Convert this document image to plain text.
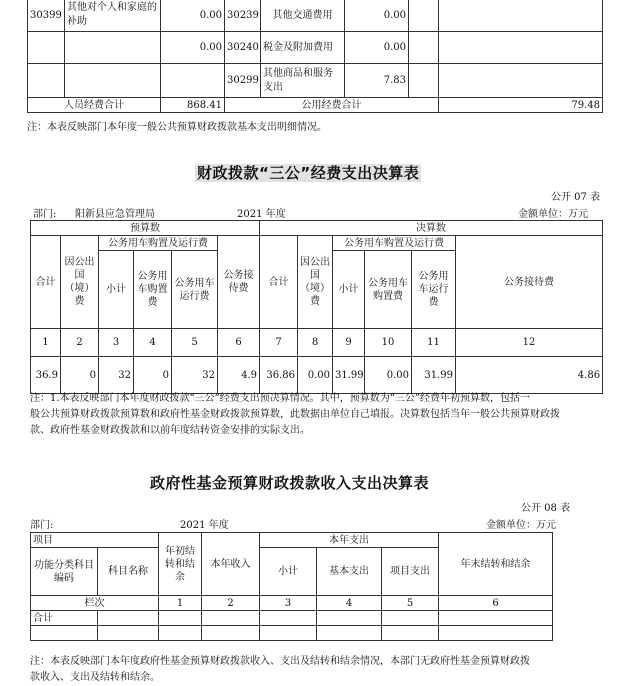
30399	其他对个人和家庭的补助	0.00	30239	其他交通费用	0.00		
		0.00	30240	税金及附加费用	0.00		
			30299	其他商品和服务支出	7.83		
人员经费合计		868.41	公用经费合计				79.48
注：本表反映部门本年度一般公共预算财政拨款基本支出明细情况。
财政拨款“三公”经费支出决算表
公开 07 表
部门: 阳新县应急管理局	2021 年度	金额单位：万元
预算数						决算数					
合计	因公出国（境）费	公务用车购置及运行费			公务接待费	合计	因公出国（境）费	公务用车购置及运行费			公务接待费
		小计	公务用车购置费	公务用车运行费				小计	公务用车购置费	公务用车运行费	
1	2	3	4	5	6	7	8	9	10	11	12
36.9	0	32	0	32	4.9	36.86	0.00	31.99	0.00	31.99	4.86
注：1.本表反映部门本年度财政拨款“三公”经费支出预决算情况。其中，预算数为“三公”经费年初预算数，包括一
般公共预算财政拨款预算数和政府性基金财政拨款预算数，此数据由单位自己填报。决算数包括当年一般公共预算财政拨
款、政府性基金财政拨款和以前年度结转资金安排的实际支出。
政府性基金预算财政拨款收入支出决算表
公开 08 表
部门:	2021 年度	金额单位：万元
项目		年初结转和结余	本年收入	本年支出			年末结转和结余
功能分类科目编码	科目名称			小计	基本支出	项目支出	
栏次		1	2	3	4	5	6
合计							

注：本表反映部门本年度政府性基金预算财政拨款收入、支出及结转和结余情况，本部门无政府性基金预算财政拨
款收入、支出及结转和结余。
